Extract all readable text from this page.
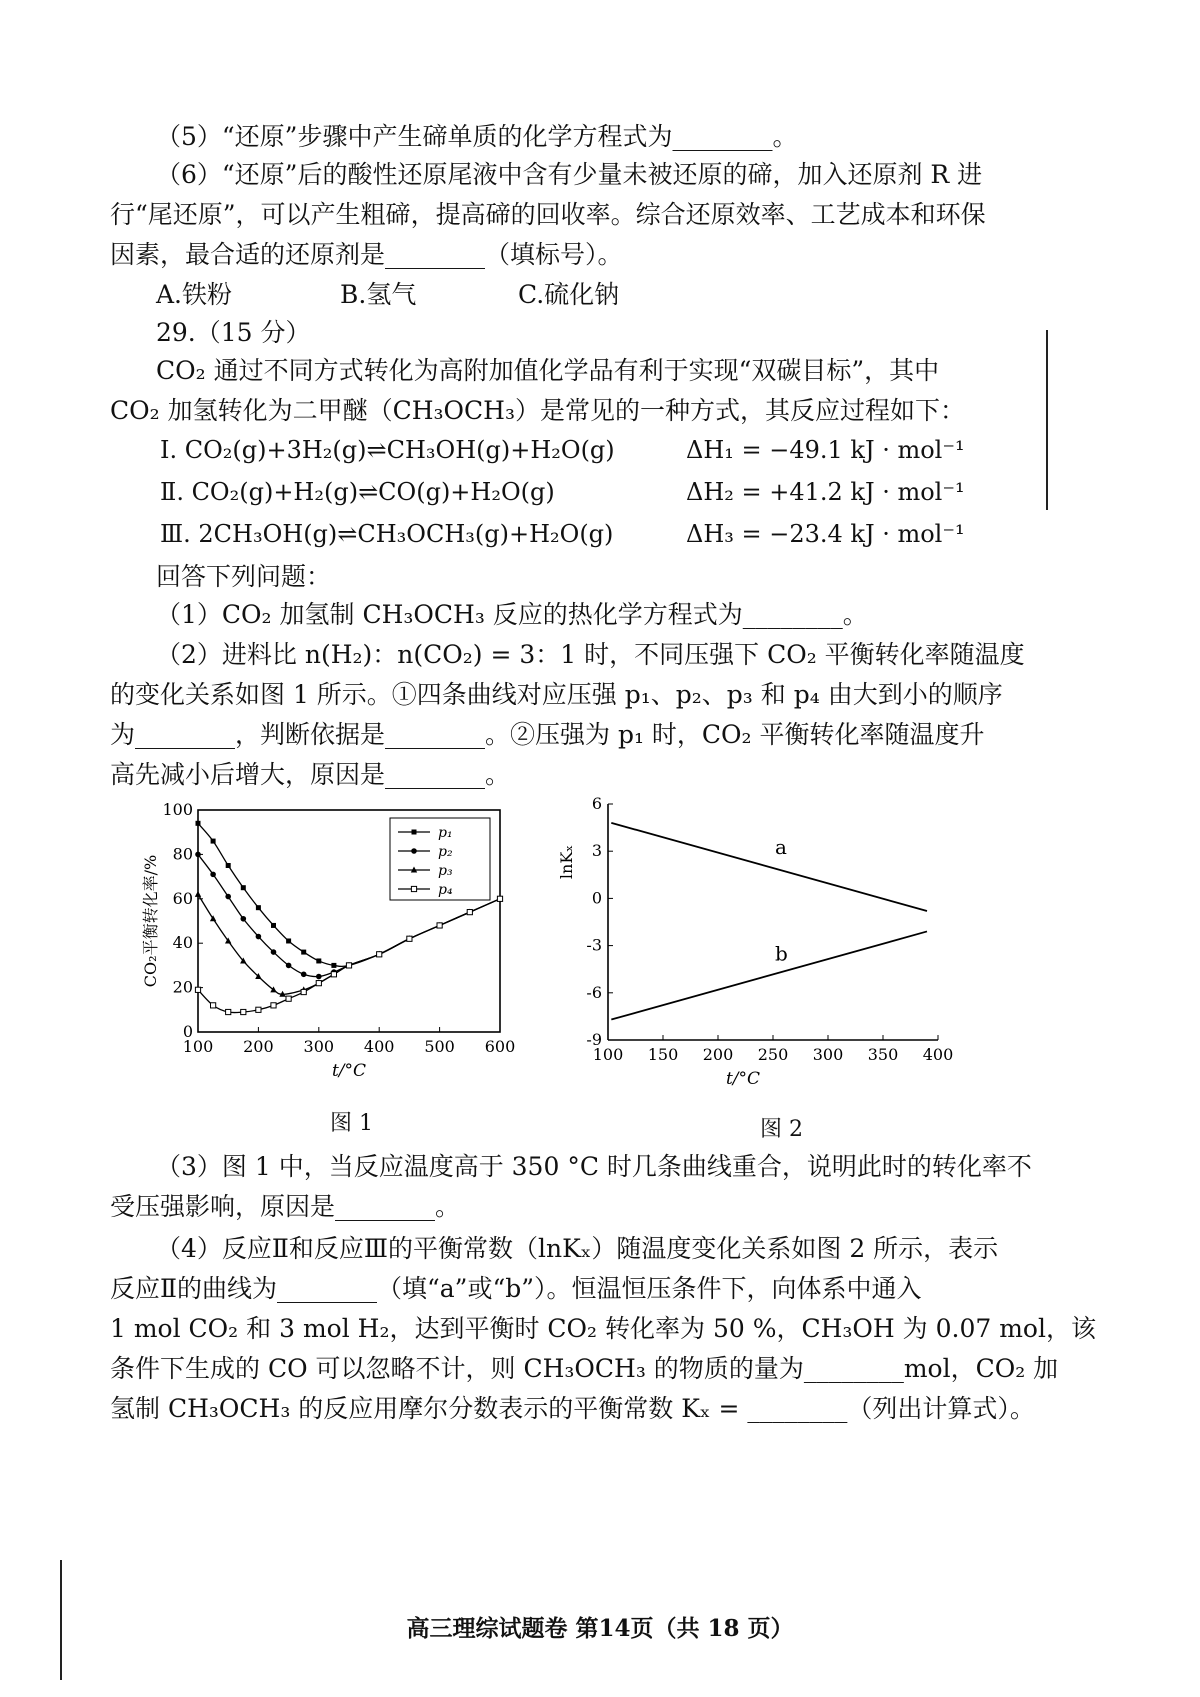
（5）“还原”步骤中产生碲单质的化学方程式为________。
（6）“还原”后的酸性还原尾液中含有少量未被还原的碲，加入还原剂 R 进
行“尾还原”，可以产生粗碲，提高碲的回收率。综合还原效率、工艺成本和环保
因素，最合适的还原剂是________（填标号）。
A.铁粉	B.氢气	C.硫化钠
29.（15 分）
CO₂ 通过不同方式转化为高附加值化学品有利于实现“双碳目标”，其中
CO₂ 加氢转化为二甲醚（CH₃OCH₃）是常见的一种方式，其反应过程如下：
Ⅰ. CO₂(g)+3H₂(g)⇌CH₃OH(g)+H₂O(g)	ΔH₁ = −49.1 kJ · mol⁻¹
Ⅱ. CO₂(g)+H₂(g)⇌CO(g)+H₂O(g)	ΔH₂ = +41.2 kJ · mol⁻¹
Ⅲ. 2CH₃OH(g)⇌CH₃OCH₃(g)+H₂O(g)	ΔH₃ = −23.4 kJ · mol⁻¹
回答下列问题：
（1）CO₂ 加氢制 CH₃OCH₃ 反应的热化学方程式为________。
（2）进料比 n(H₂)：n(CO₂) = 3：1 时，不同压强下 CO₂ 平衡转化率随温度
的变化关系如图 1 所示。①四条曲线对应压强 p₁、p₂、p₃ 和 p₄ 由大到小的顺序
为________，判断依据是________。②压强为 p₁ 时，CO₂ 平衡转化率随温度升
高先减小后增大，原因是________。
100 200 300 400 500 600
0
20
40
60
80
100
t/°C
CO₂平衡转化率/%
p₁
p₂
p₃
p₄
图 1
100 150 200 250 300 350 400
-9
-6
-3
0
3
6
t/°C
lnKₓ	a
b
图 2
（3）图 1 中，当反应温度高于 350 °C 时几条曲线重合，说明此时的转化率不
受压强影响，原因是________。
（4）反应Ⅱ和反应Ⅲ的平衡常数（lnKₓ）随温度变化关系如图 2 所示，表示
反应Ⅱ的曲线为________（填“a”或“b”）。恒温恒压条件下，向体系中通入
1 mol CO₂ 和 3 mol H₂，达到平衡时 CO₂ 转化率为 50 %，CH₃OH 为 0.07 mol，该
条件下生成的 CO 可以忽略不计，则 CH₃OCH₃ 的物质的量为________mol，CO₂ 加
氢制 CH₃OCH₃ 的反应用摩尔分数表示的平衡常数 Kₓ = ________（列出计算式）。
高三理综试题卷 第14页（共 18 页）
